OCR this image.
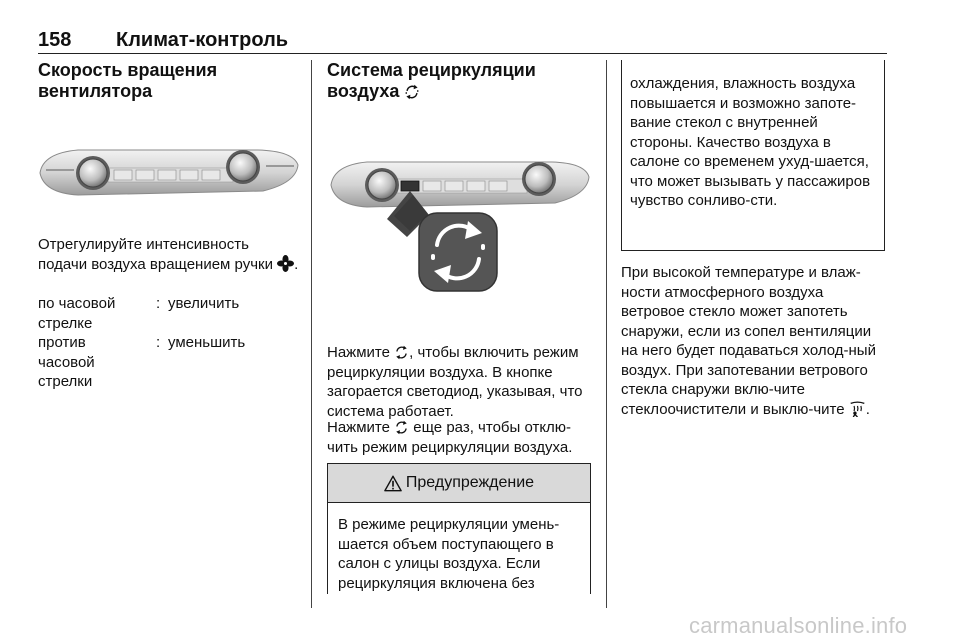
158 Климат-контроль
Скорость вращения
вентилятора

Отрегулируйте интенсивность подачи воздуха вращением ручки .

по часовой стрелке
: увеличить
против часовой стрелки
: уменьшить
Система рециркуляции
воздуха

Нажмите , чтобы включить режим рециркуляции воздуха. В кнопке загорается светодиод, указывая, что система работает.

Нажмите  еще раз, чтобы отклю-чить режим рециркуляции воздуха.

Предупреждение

В режиме рециркуляции умень-шается объем поступающего в салон с улицы воздуха. Если рециркуляция включена без

охлаждения, влажность воздуха повышается и возможно запоте-вание стекол с внутренней стороны. Качество воздуха в салоне со временем ухуд-шается, что может вызывать у пассажиров чувство сонливо-сти.

При высокой температуре и влаж-ности атмосферного воздуха ветровое стекло может запотеть снаружи, если из сопел вентиляции на него будет подаваться холод-ный воздух. При запотевании ветрового стекла снаружи вклю-чите стеклоочистители и выклю-чите .

carmanualsonline.info
